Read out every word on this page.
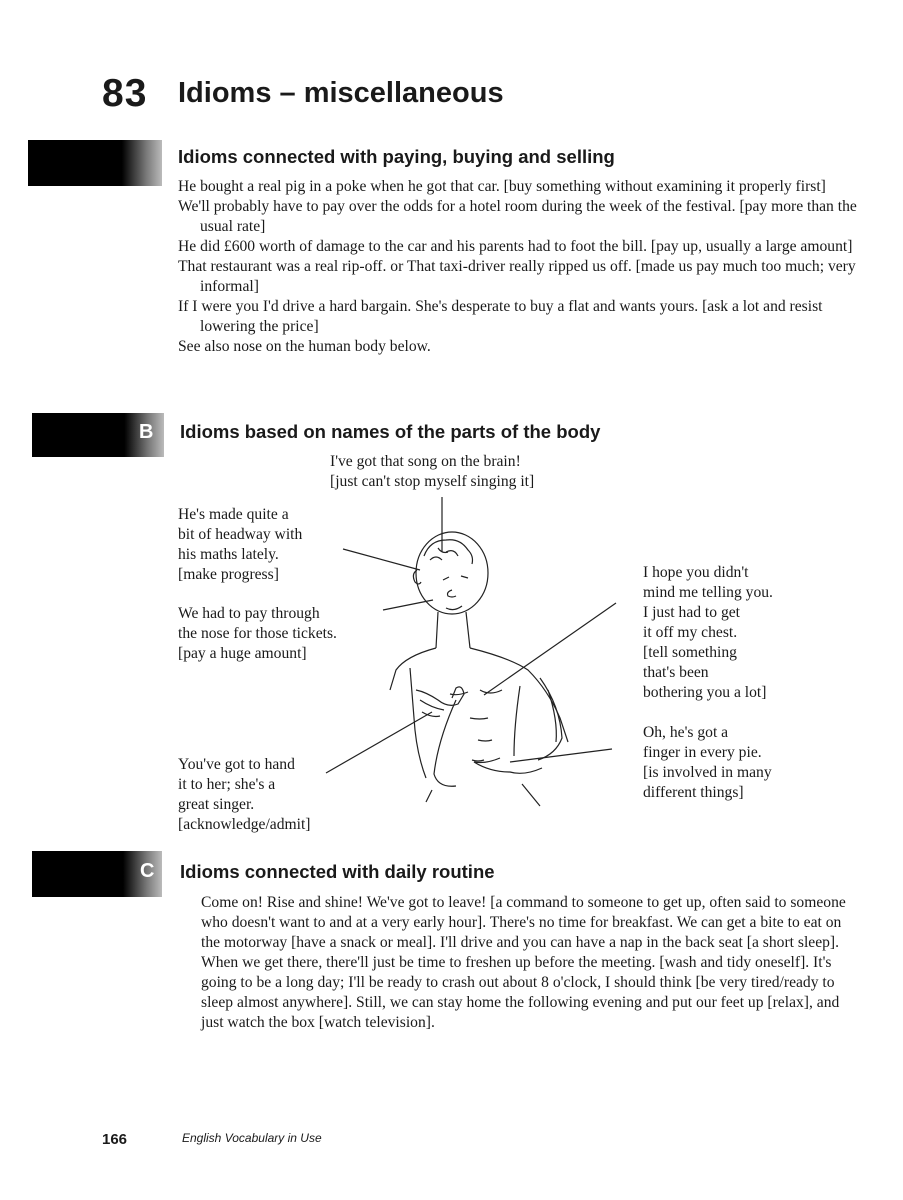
83 Idioms – miscellaneous
Idioms connected with paying, buying and selling

He bought a real pig in a poke when he got that car. [buy something without examining it properly first]

We'll probably have to pay over the odds for a hotel room during the week of the festival. [pay more than the usual rate]

He did £600 worth of damage to the car and his parents had to foot the bill. [pay up, usually a large amount]

That restaurant was a real rip-off. or That taxi-driver really ripped us off. [made us pay much too much; very informal]

If I were you I'd drive a hard bargain. She's desperate to buy a flat and wants yours. [ask a lot and resist lowering the price]

See also nose on the human body below.

B Idioms based on names of the parts of the body
I've got that song on the brain!
[just can't stop myself singing it]
He's made quite a
bit of headway with
his maths lately.
[make progress]
We had to pay through
the nose for those tickets.
[pay a huge amount]
You've got to hand
it to her; she's a
great singer.
[acknowledge/admit]
I hope you didn't
mind me telling you.
I just had to get
it off my chest.
[tell something
that's been
bothering you a lot]
Oh, he's got a
finger in every pie.
[is involved in many
different things]
C Idioms connected with daily routine

Come on! Rise and shine! We've got to leave! [a command to someone to get up, often said to someone who doesn't want to and at a very early hour]. There's no time for breakfast. We can get a bite to eat on the motorway [have a snack or meal]. I'll drive and you can have a nap in the back seat [a short sleep]. When we get there, there'll just be time to freshen up before the meeting. [wash and tidy oneself]. It's going to be a long day; I'll be ready to crash out about 8 o'clock, I should think [be very tired/ready to sleep almost anywhere]. Still, we can stay home the following evening and put our feet up [relax], and just watch the box [watch television].

166	English Vocabulary in Use
